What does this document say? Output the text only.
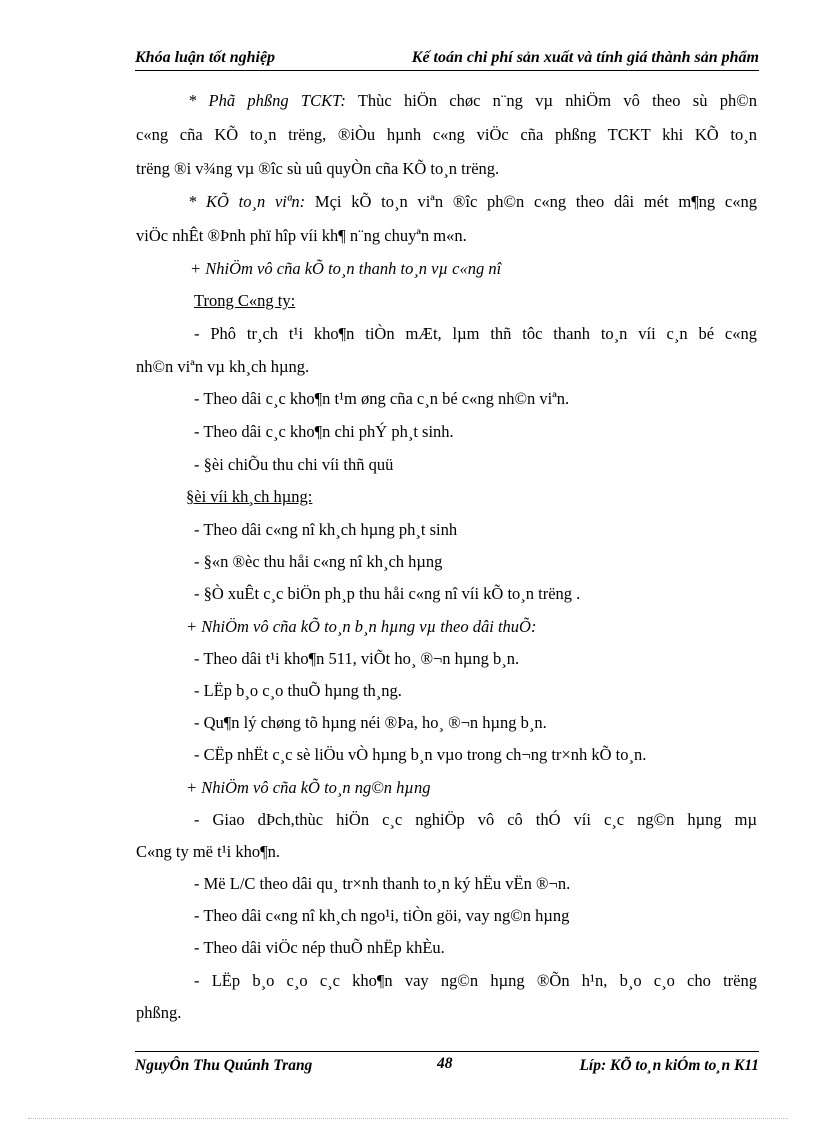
Khóa luận tốt nghiệp	Kế toán chi phí sản xuất và tính giá thành sản phẩm
* Phã phßng TCKT: Thùc hiÖn chøc n¨ng vµ nhiÖm vô theo sù ph©n
c«ng cña KÕ to¸n trëng, ®iÒu hµnh c«ng viÖc cña phßng TCKT khi KÕ to¸n
trëng ®i v¾ng vµ ®îc sù uû quyÒn cña KÕ to¸n trëng.
* KÕ to¸n viªn: Mçi kÕ to¸n viªn ®îc ph©n c«ng theo dâi mét m¶ng c«ng
viÖc nhÊt ®Þnh phï hîp víi kh¶ n¨ng chuyªn m«n.
+ NhiÖm vô cña kÕ to¸n thanh to¸n vµ c«ng nî
Trong C«ng ty:
- Phô tr¸ch t¹i kho¶n tiÒn mÆt, lµm thñ tôc thanh to¸n víi c¸n bé c«ng
nh©n viªn vµ kh¸ch hµng.
- Theo dâi c¸c kho¶n t¹m øng cña c¸n bé c«ng nh©n viªn.
- Theo dâi c¸c kho¶n chi phÝ ph¸t sinh.
- §èi chiÕu thu chi víi thñ quü
§èi víi kh¸ch hµng:
- Theo dâi c«ng nî kh¸ch hµng ph¸t sinh
- §«n ®èc thu håi c«ng nî kh¸ch hµng
- §Ò xuÊt c¸c biÖn ph¸p thu håi c«ng nî víi kÕ to¸n trëng .
+ NhiÖm vô cña kÕ to¸n b¸n hµng vµ theo dâi thuÕ:
- Theo dâi t¹i kho¶n 511, viÕt ho¸ ®¬n hµng b¸n.
- LËp b¸o c¸o thuÕ hµng th¸ng.
- Qu¶n lý chøng tõ hµng néi ®Þa, ho¸ ®¬n hµng b¸n.
- CËp nhËt c¸c sè liÖu vÒ hµng b¸n vµo trong ch¬ng tr×nh kÕ to¸n.
+ NhiÖm vô cña kÕ to¸n ng©n hµng
- Giao dÞch,thùc hiÖn c¸c nghiÖp vô cô thÓ víi c¸c ng©n hµng mµ
C«ng ty më t¹i kho¶n.
- Më L/C theo dâi qu¸ tr×nh thanh to¸n ký hËu vËn ®¬n.
- Theo dâi c«ng nî kh¸ch ngo¹i, tiÒn göi, vay ng©n hµng
- Theo dâi viÖc nép thuÕ nhËp khÈu.
- LËp b¸o c¸o c¸c kho¶n vay ng©n hµng ®Õn h¹n, b¸o c¸o cho trëng
phßng.
NguyÔn Thu Quúnh Trang	48	Líp: KÕ to¸n kiÓm to¸n K11
